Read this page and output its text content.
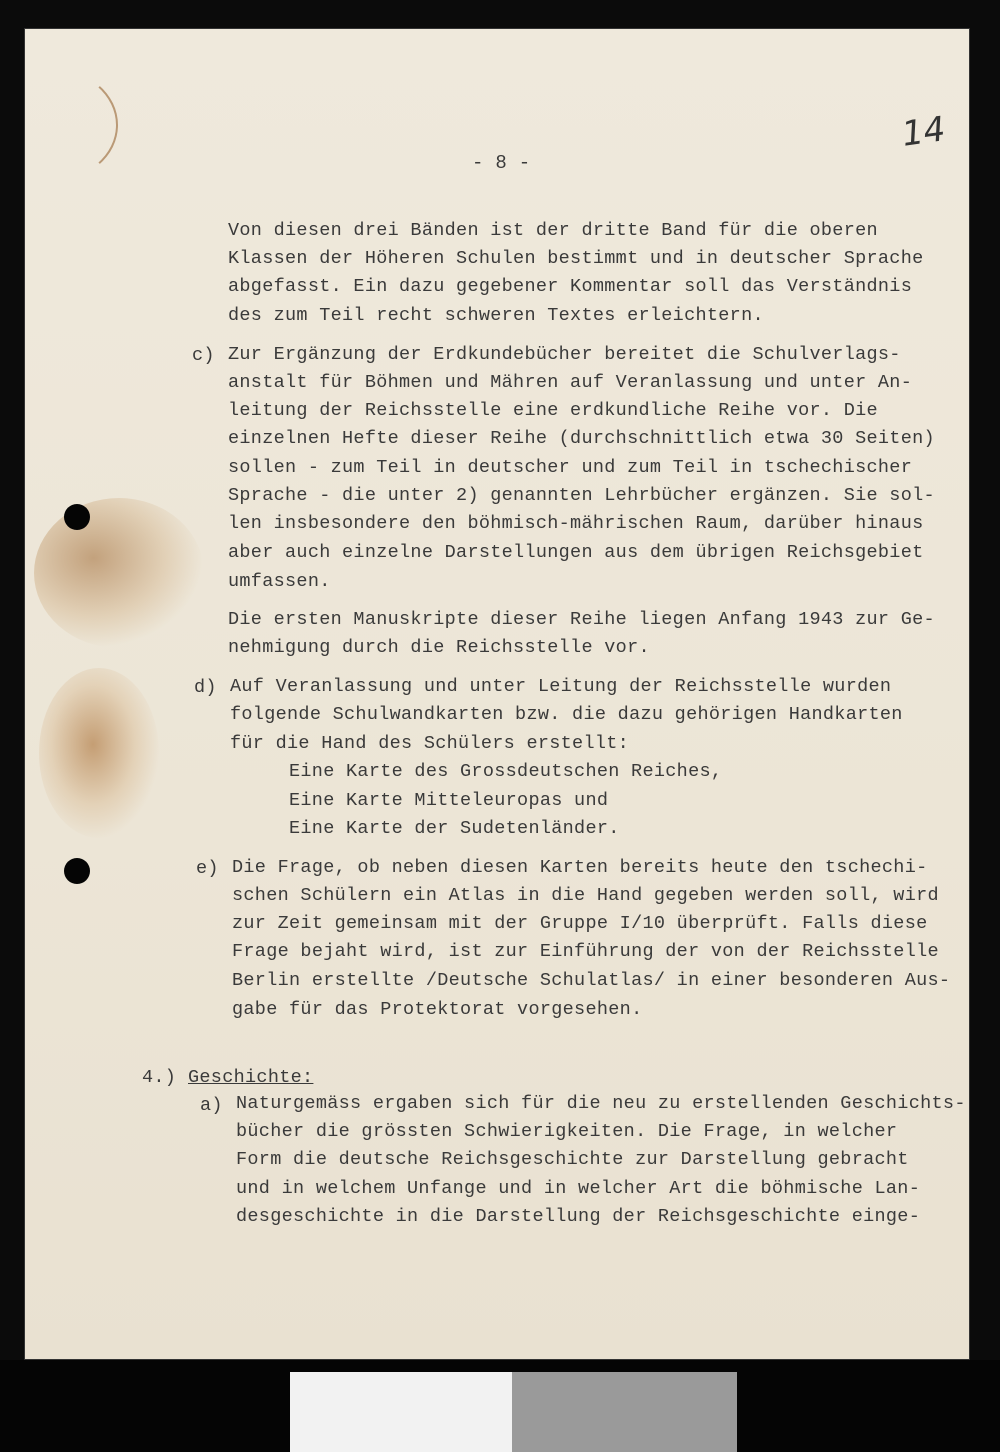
14
- 8 -
Von diesen drei Bänden ist der dritte Band für die oberen
Klassen der Höheren Schulen bestimmt und in deutscher Sprache
abgefasst. Ein dazu gegebener Kommentar soll das Verständnis
des zum Teil recht schweren Textes erleichtern.
c) Zur Ergänzung der Erdkundebücher bereitet die Schulverlags-
anstalt für Böhmen und Mähren auf Veranlassung und unter An-
leitung der Reichsstelle eine erdkundliche Reihe vor. Die
einzelnen Hefte dieser Reihe (durchschnittlich etwa 30 Seiten)
sollen - zum Teil in deutscher und zum Teil in tschechischer
Sprache - die unter 2) genannten Lehrbücher ergänzen. Sie sol-
len insbesondere den böhmisch-mährischen Raum, darüber hinaus
aber auch einzelne Darstellungen aus dem übrigen Reichsgebiet
umfassen.
Die ersten Manuskripte dieser Reihe liegen Anfang 1943 zur Ge-
nehmigung durch die Reichsstelle vor.
d) Auf Veranlassung und unter Leitung der Reichsstelle wurden
folgende Schulwandkarten bzw. die dazu gehörigen Handkarten
für die Hand des Schülers erstellt:
Eine Karte des Grossdeutschen Reiches,
Eine Karte Mitteleuropas und
Eine Karte der Sudetenländer.
e) Die Frage, ob neben diesen Karten bereits heute den tschechi-
schen Schülern ein Atlas in die Hand gegeben werden soll, wird
zur Zeit gemeinsam mit der Gruppe I/10 überprüft. Falls diese
Frage bejaht wird, ist zur Einführung der von der Reichsstelle
Berlin erstellte /Deutsche Schulatlas/ in einer besonderen Aus-
gabe für das Protektorat vorgesehen.
4.) Geschichte:
a) Naturgemäss ergaben sich für die neu zu erstellenden Geschichts-
bücher die grössten Schwierigkeiten. Die Frage, in welcher
Form die deutsche Reichsgeschichte zur Darstellung gebracht
und in welchem Unfange und in welcher Art die böhmische Lan-
desgeschichte in die Darstellung der Reichsgeschichte einge-
